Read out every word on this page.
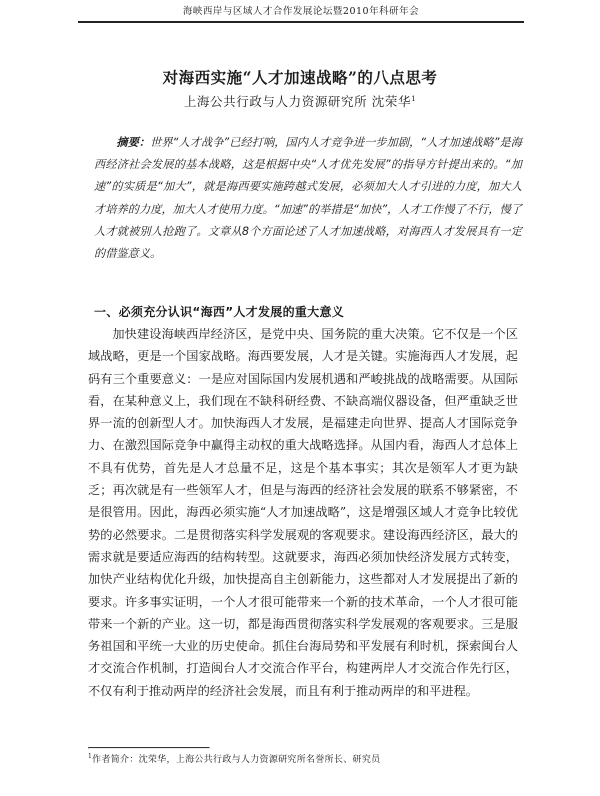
海峡西岸与区域人才合作发展论坛暨2010年科研年会
对海西实施“人才加速战略”的八点思考
上海公共行政与人力资源研究所 沈荣华$^1$

摘要：世界“人才战争”已经打响，国内人才竞争进一步加剧，“人才加速战略”是海西经济社会发展的基本战略，这是根据中央“人才优先发展”的指导方针提出来的。“加速”的实质是“加大”，就是海西要实施跨越式发展，必须加大人才引进的力度，加大人才培养的力度，加大人才使用力度。“加速”的举措是“加快”，人才工作慢了不行，慢了人才就被别人抢跑了。文章从8个方面论述了人才加速战略，对海西人才发展具有一定的借鉴意义。

一、必须充分认识“海西”人才发展的重大意义

加快建设海峡西岸经济区，是党中央、国务院的重大决策。它不仅是一个区域战略，更是一个国家战略。海西要发展，人才是关键。实施海西人才发展，起码有三个重要意义：一是应对国际国内发展机遇和严峻挑战的战略需要。从国际看，在某种意义上，我们现在不缺科研经费、不缺高端仪器设备，但严重缺乏世界一流的创新型人才。加快海西人才发展，是福建走向世界、提高人才国际竞争力、在激烈国际竞争中赢得主动权的重大战略选择。从国内看，海西人才总体上不具有优势，首先是人才总量不足，这是个基本事实；其次是领军人才更为缺乏；再次就是有一些领军人才，但是与海西的经济社会发展的联系不够紧密，不是很管用。因此，海西必须实施“人才加速战略”，这是增强区域人才竞争比较优势的必然要求。二是贯彻落实科学发展观的客观要求。建设海西经济区，最大的需求就是要适应海西的结构转型。这就要求，海西必须加快经济发展方式转变，加快产业结构优化升级，加快提高自主创新能力，这些都对人才发展提出了新的要求。许多事实证明，一个人才很可能带来一个新的技术革命，一个人才很可能带来一个新的产业。这一切，都是海西贯彻落实科学发展观的客观要求。三是服务祖国和平统一大业的历史使命。抓住台海局势和平发展有利时机，探索闽台人才交流合作机制，打造闽台人才交流合作平台，构建两岸人才交流合作先行区，不仅有利于推动两岸的经济社会发展，而且有利于推动两岸的和平进程。

$^1$作者简介：沈荣华，上海公共行政与人力资源研究所名誉所长、研究员
